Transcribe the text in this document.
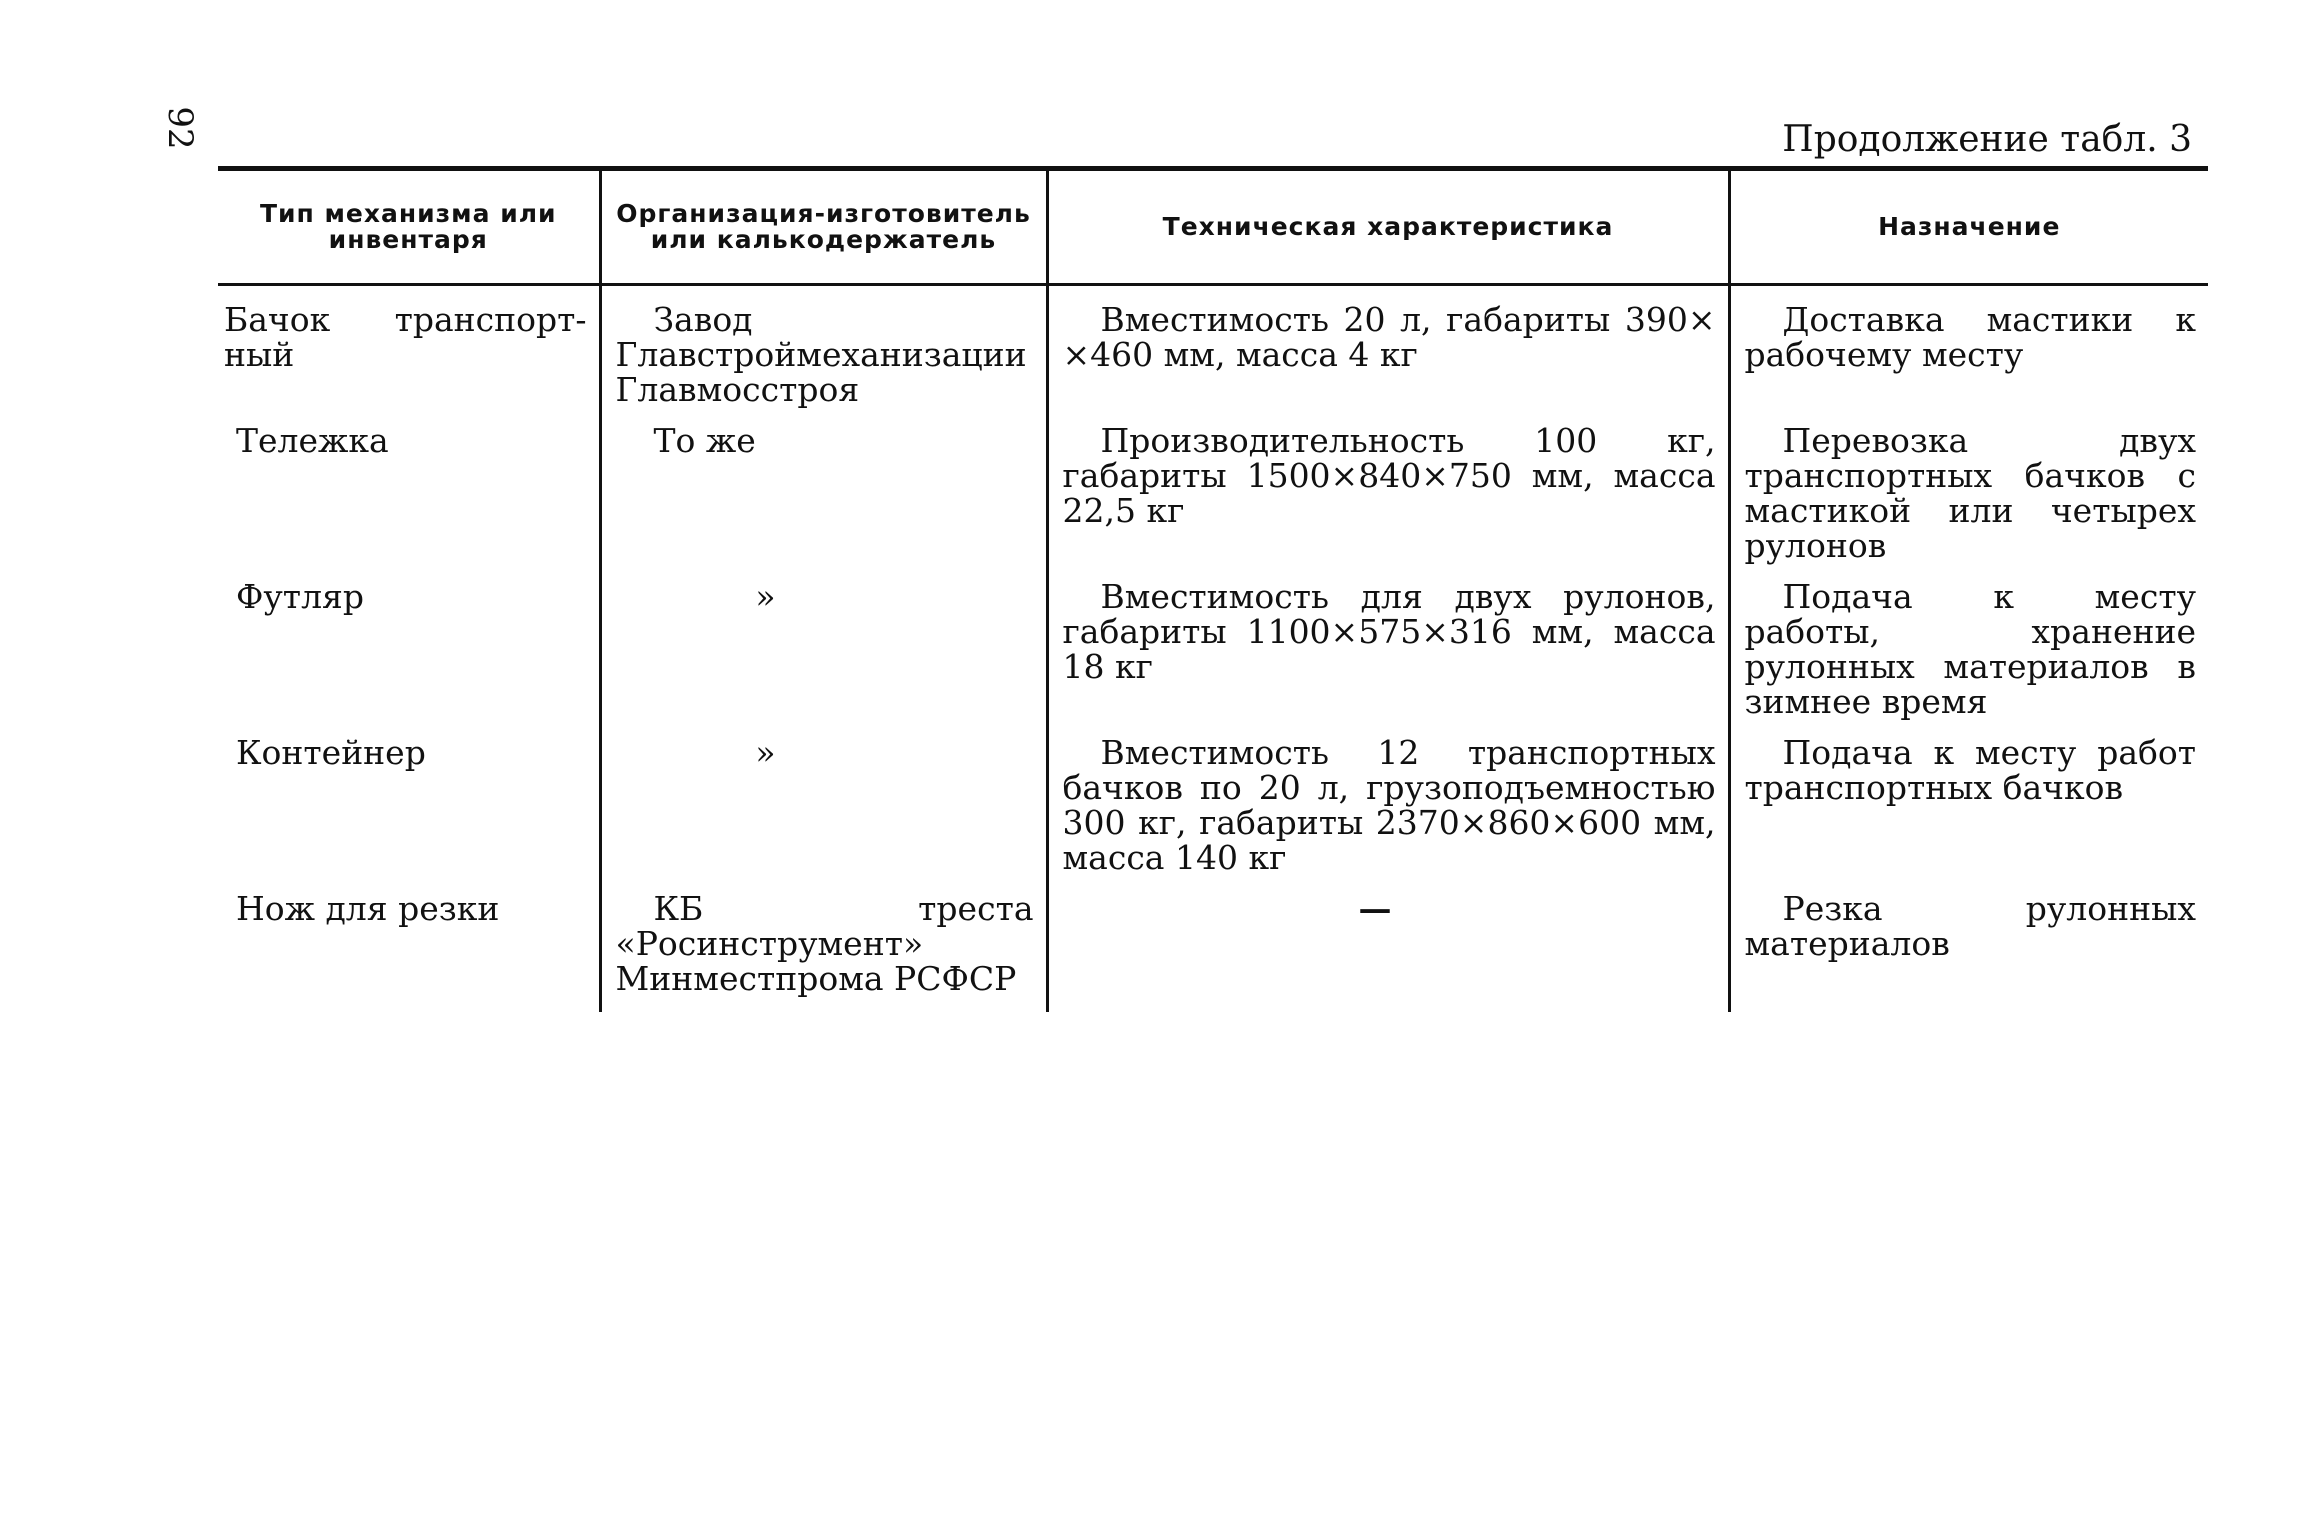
92	Продолжение табл. 3
Тип механизма или инвентаря	Организация-изготовитель или калькодержатель	Техническая характеристика	Назначение
Бачок транспорт-ный	Завод Главстроймеханизации Главмосстроя	Вместимость 20 л, габариты 390× ×460 мм, масса 4 кг	Доставка мастики к рабочему месту
Тележка	То же	Производительность 100 кг, габариты 1500×840×750 мм, масса 22,5 кг	Перевозка двух транспортных бачков с мастикой или четырех рулонов
Футляр	»	Вместимость для двух рулонов, габариты 1100×575×316 мм, масса 18 кг	Подача к месту работы, хранение рулонных материалов в зимнее время
Контейнер	»	Вместимость 12 транспортных бачков по 20 л, грузоподъемностью 300 кг, габариты 2370×860×600 мм, масса 140 кг	Подача к месту работ транспортных бачков
Нож для резки	КБ треста «Росинструмент» Минместпрома РСФСР	—	Резка рулонных материалов
